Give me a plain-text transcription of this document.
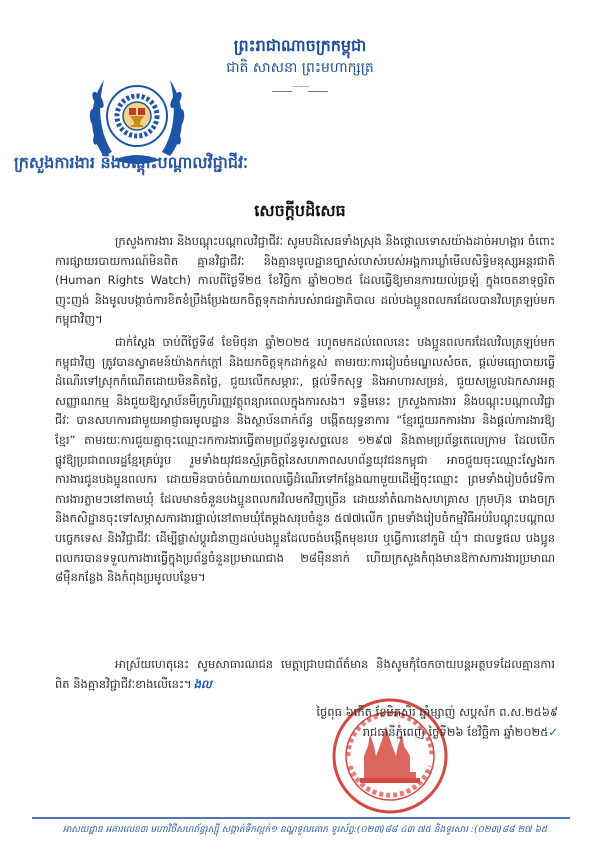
ព្រះរាជាណាចក្រកម្ពុជា
ជាតិ សាសនា ព្រះមហាក្សត្រ
~~~
ក្រសួងការងារ និងបណ្តុះបណ្តាលវិជ្ជាជីវៈ
សេចក្តីបដិសេធ

ក្រសួងការងារ និងបណ្តុះបណ្តាលវិជ្ជាជីវៈ សូមបដិសេធទាំងស្រុង និងថ្កោលទោសយ៉ាងដាច់អហង្ការ ចំពោះការផ្សាយរបាយការណ៍មិនពិត គ្មានវិជ្ជាជីវៈ និងគ្មានមូលដ្ឋានច្បាស់លាស់របស់អង្គការឃ្លាំមើលសិទ្ធិមនុស្សអន្តរជាតិ (Human Rights Watch) កាលពីថ្ងៃទី២៥ ខែវិច្ឆិកា ឆ្នាំ២០២៥ ដែលធ្វើឱ្យមានការយល់ច្រឡំ ក្នុងចេតនាទុច្ចរិត ញុះញង់ និងមូលបង្កាច់ការខិតខំប្រឹងប្រែងយកចិត្តទុកដាក់របស់រាជរដ្ឋាភិបាល ដល់បងប្អូនពលករដែលបានវិលត្រឡប់មកកម្ពុជាវិញ។

ជាក់ស្តែង ចាប់ពីថ្ងៃទី៨ ខែមិថុនា ឆ្នាំ២០២៥ រហូតមកដល់ពេលនេះ បងប្អូនពលករដែលវិលត្រឡប់មកកម្ពុជាវិញ ត្រូវបានស្វាគមន៍យ៉ាងកក់ក្តៅ និងយកចិត្តទុកដាក់ខ្ពស់ តាមរយៈការរៀបចំមណ្ឌលសំចត, ផ្តល់មធ្យោបាយធ្វើដំណើរទៅស្រុកកំណើតដោយមិនគិតថ្លៃ, ជួយលើកសម្ភារៈ, ផ្តល់ទឹកសុទ្ធ និងអាហារសម្រន់, ជួយសម្រួលឯកសារអត្តសញ្ញាណកម្ម និងជួយឱ្យស្ថាប័នមីក្រូហិរញ្ញវត្ថុពន្យារពេលក្នុងការសង។ ទន្ទឹមនេះ ក្រសួងការងារ និងបណ្តុះបណ្តាលវិជ្ជាជីវៈ បានសហការជាមួយអាជ្ញាធរមូលដ្ឋាន និងស្ថាប័នពាក់ព័ន្ធ បង្កើតយុទ្ធនាការ “ខ្មែរជួយរកការងារ និងផ្តល់ការងារឱ្យខ្មែរ” តាមរយៈការជួយគ្នាចុះឈ្មោះរកការងារធ្វើតាមប្រព័ន្ធទូរសព្ទលេខ ១២៩៧ និងតាមប្រព័ន្ធតេលេក្រាម ដែលបើកផ្លូវឱ្យប្រជាពលរដ្ឋខ្មែរគ្រប់រូប រួមទាំងយុវជនស្ម័គ្រចិត្តនៃសហភាពសហព័ន្ធយុវជនកម្ពុជា អាចជួយចុះឈ្មោះស្វែងរកការងារជូនបងប្អូនពលករ ដោយមិនបាច់ចំណាយពេលធ្វើដំណើរទៅកន្លែងណាមួយដើម្បីចុះឈ្មោះ ព្រមទាំងរៀបចំវេទិកាការងារភ្លាមៗនៅតាមឃុំ ដែលមានចំនួនបងប្អូនពលករវិលមកវិញច្រើន ដោយនាំតំណាងសហគ្រាស ក្រុមហ៊ុន រោងចក្រ និងកសិដ្ឋានចុះទៅសម្ភាសការងារផ្ទាល់នៅតាមឃុំតែម្តងសរុបចំនួន ៥៧៧លើក ព្រមទាំងរៀបចំកម្មវិធីអប់រំបណ្តុះបណ្តាលបច្ចេកទេស និងវិជ្ជាជីវៈ ដើម្បីផ្លាស់ប្តូរជំនាញដល់បងប្អូនដែលចង់បង្កើតមុខរបរ ឬធ្វើការនៅភូមិ ឃុំ។ ជាលទ្ធផល បងប្អូនពលករបានទទួលការងារធ្វើក្នុងប្រព័ន្ធចំនួនប្រមាណជាង ២៨ម៉ឺននាក់ ហើយក្រសួងកំពុងមានឱកាសការងារប្រមាណ ៨ម៉ឺនកន្លែង និងកំពុងប្រមូលបន្ថែម។

អាស្រ័យហេតុនេះ សូមសាធារណជន មេត្តាជ្រាបជាព័ត៌មាន និងសូមកុំចែកចាយបន្តអត្ថបទដែលគ្មានការពិត និងគ្មានវិជ្ជាជីវៈខាងលើនេះ។ ងល

ថ្ងៃពុធ ៦កើត ខែមិគសិរ ឆ្នាំម្សាញ់ សប្តស័ក ព.ស.២៥៦៩
រាជធានីភ្នំពេញ ថ្ងៃទី២៦ ខែវិច្ឆិកា ឆ្នាំ២០២៥✓
អាសយដ្ឋាន អគារលេខ៣ មហាវិថីសហព័ន្ធរុស្ស៊ី សង្កាត់ទឹកល្អក់១ ខណ្ឌទួលគោក ទូរស័ព្ទ:(០២៣)៨៨ ៤៣ ៧៥ និងទូរសារ :(០២៣)៨៨ ២៧ ៦៥
